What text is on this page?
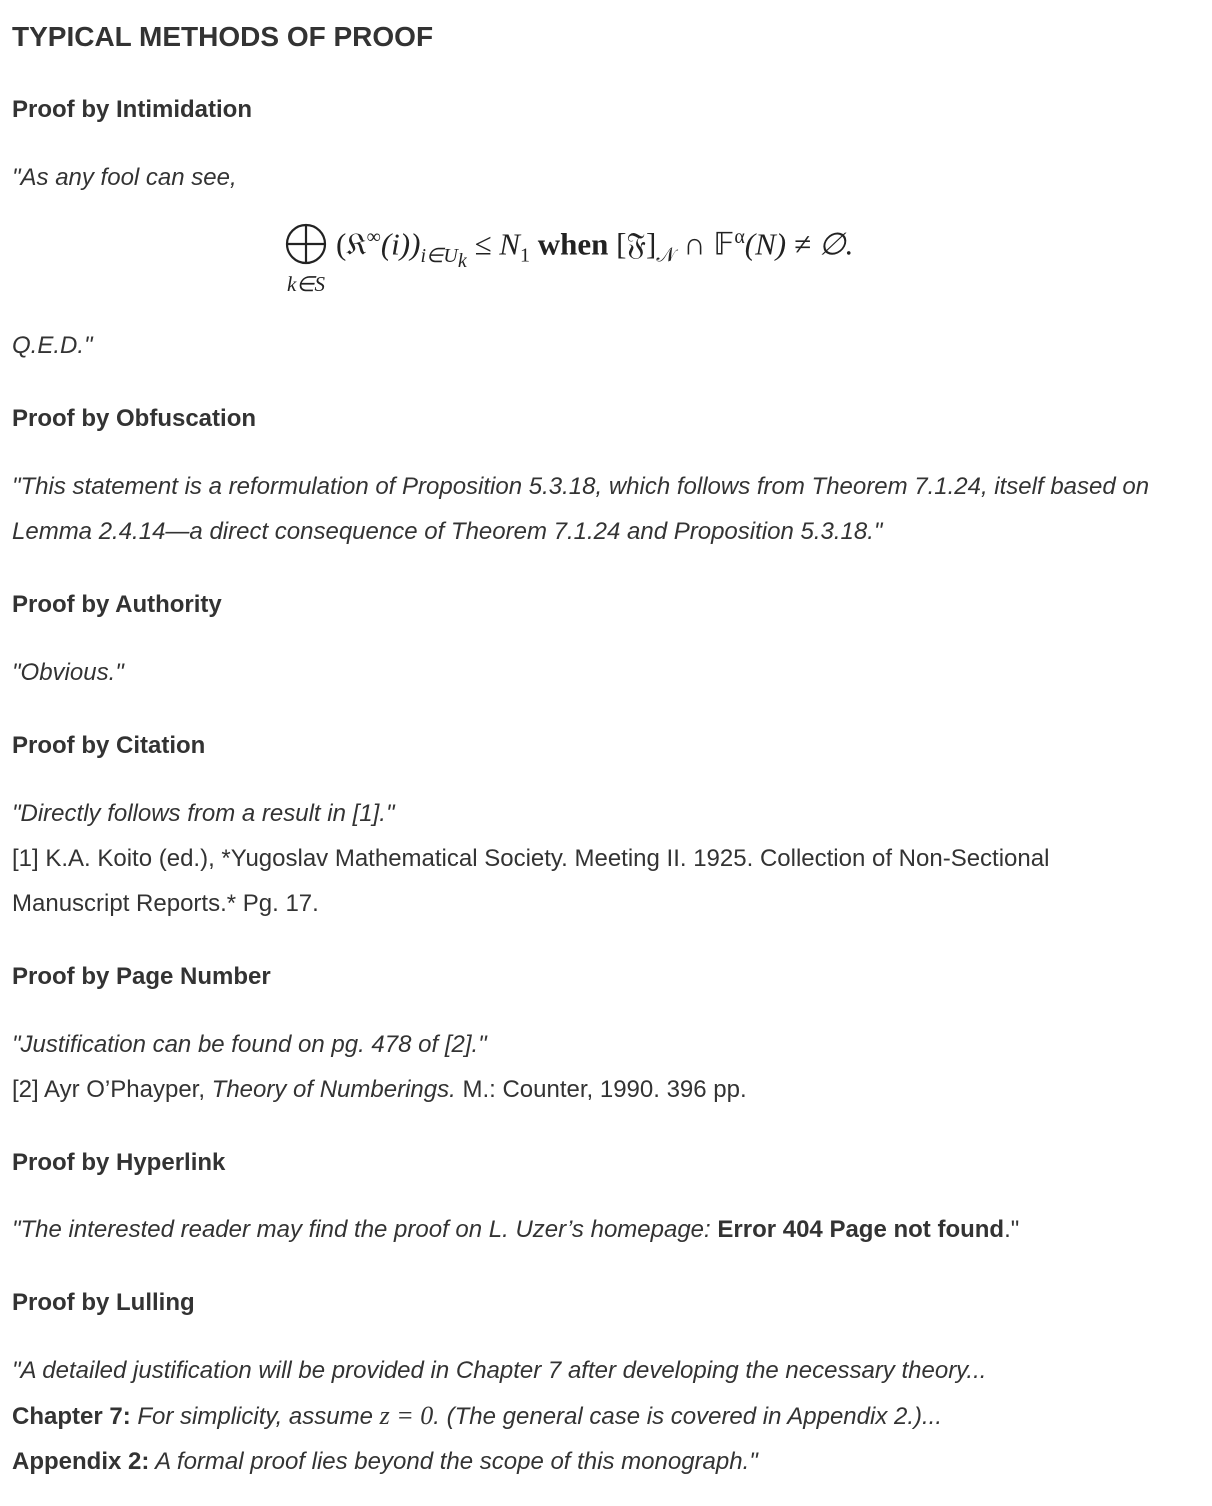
TYPICAL METHODS OF PROOF
Proof by Intimidation

"As any fool can see,

k∈S
$(𝔎^\infty(i))_{i\in U_k} \le N_1$ when $[𝔉]_𝒩$ ∩ 𝔽$^\alpha$(N) ≠ ∅.

Q.E.D."

Proof by Obfuscation

"This statement is a reformulation of Proposition 5.3.18, which follows from Theorem 7.1.24, itself based on Lemma 2.4.14—a direct consequence of Theorem 7.1.24 and Proposition 5.3.18."

Proof by Authority

"Obvious."

Proof by Citation

"Directly follows from a result in [1]."

[1] K.A. Koito (ed.), *Yugoslav Mathematical Society. Meeting II. 1925. Collection of Non-Sectional Manuscript Reports.* Pg. 17.

Proof by Page Number

"Justification can be found on pg. 478 of [2]."

[2] Ayr O’Phayper, Theory of Numberings. M.: Counter, 1990. 396 pp.

Proof by Hyperlink

"The interested reader may find the proof on L. Uzer’s homepage: Error 404 Page not found."

Proof by Lulling

"A detailed justification will be provided in Chapter 7 after developing the necessary theory...

Chapter 7: For simplicity, assume z = 0. (The general case is covered in Appendix 2.)...

Appendix 2: A formal proof lies beyond the scope of this monograph."
